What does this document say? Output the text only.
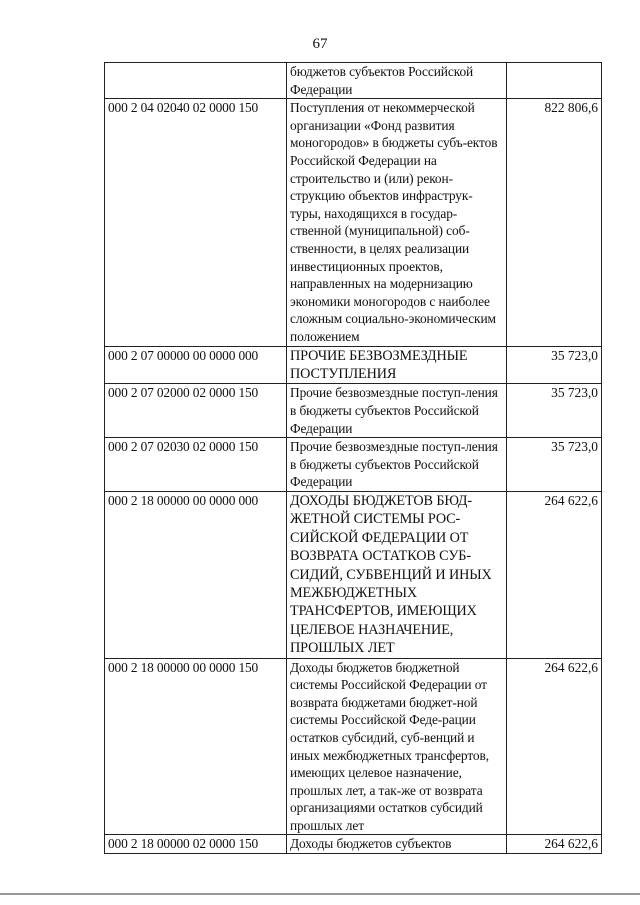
67
	бюджетов субъектов Российской Федерации	
000 2 04 02040 02 0000 150	Поступления от некоммерческой организации «Фонд развития моногородов» в бюджеты субъ-ектов Российской Федерации на строительство и (или) рекон-струкцию объектов инфраструк-туры, находящихся в государ-ственной (муниципальной) соб-ственности, в целях реализации инвестиционных проектов, направленных на модернизацию экономики моногородов с наиболее сложным социально-экономическим положением	822 806,6
000 2 07 00000 00 0000 000	ПРОЧИЕ БЕЗВОЗМЕЗДНЫЕ ПОСТУПЛЕНИЯ	35 723,0
000 2 07 02000 02 0000 150	Прочие безвозмездные поступ-ления в бюджеты субъектов Российской Федерации	35 723,0
000 2 07 02030 02 0000 150	Прочие безвозмездные поступ-ления в бюджеты субъектов Российской Федерации	35 723,0
000 2 18 00000 00 0000 000	ДОХОДЫ БЮДЖЕТОВ БЮД-ЖЕТНОЙ СИСТЕМЫ РОС-СИЙСКОЙ ФЕДЕРАЦИИ ОТ ВОЗВРАТА ОСТАТКОВ СУБ-СИДИЙ, СУБВЕНЦИЙ И ИНЫХ МЕЖБЮДЖЕТНЫХ ТРАНСФЕРТОВ, ИМЕЮЩИХ ЦЕЛЕВОЕ НАЗНАЧЕНИЕ, ПРОШЛЫХ ЛЕТ	264 622,6
000 2 18 00000 00 0000 150	Доходы бюджетов бюджетной системы Российской Федерации от возврата бюджетами бюджет-ной системы Российской Феде-рации остатков субсидий, суб-венций и иных межбюджетных трансфертов, имеющих целевое назначение, прошлых лет, а так-же от возврата организациями остатков субсидий прошлых лет	264 622,6
000 2 18 00000 02 0000 150	Доходы бюджетов субъектов	264 622,6
